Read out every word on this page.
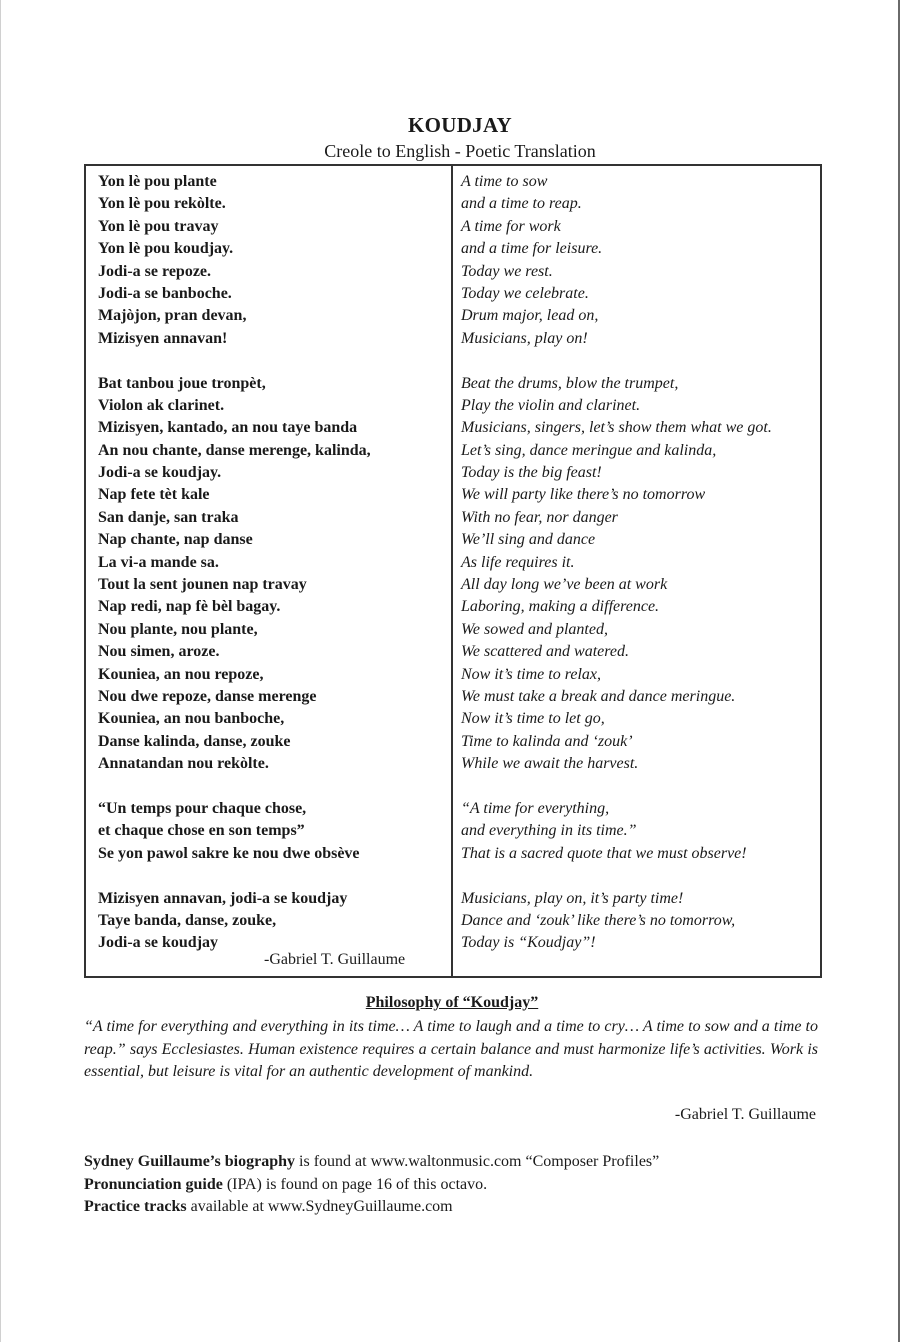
KOUDJAY
Creole to English - Poetic Translation
Yon lè pou plante
Yon lè pou rekòlte.
Yon lè pou travay
Yon lè pou koudjay.
Jodi-a se repoze.
Jodi-a se banboche.
Majòjon, pran devan,
Mizisyen annavan!
Bat tanbou joue tronpèt,
Violon ak clarinet.
Mizisyen, kantado, an nou taye banda
An nou chante, danse merenge, kalinda,
Jodi-a se koudjay.
Nap fete tèt kale
San danje, san traka
Nap chante, nap danse
La vi-a mande sa.
Tout la sent jounen nap travay
Nap redi, nap fè bèl bagay.
Nou plante, nou plante,
Nou simen, aroze.
Kouniea, an nou repoze,
Nou dwe repoze, danse merenge
Kouniea, an nou banboche,
Danse kalinda, danse, zouke
Annatandan nou rekòlte.
“Un temps pour chaque chose,
et chaque chose en son temps”
Se yon pawol sakre ke nou dwe obsève
Mizisyen annavan, jodi-a se koudjay
Taye banda, danse, zouke,
Jodi-a se koudjay
A time to sow
and a time to reap.
A time for work
and a time for leisure.
Today we rest.
Today we celebrate.
Drum major, lead on,
Musicians, play on!
Beat the drums, blow the trumpet,
Play the violin and clarinet.
Musicians, singers, let’s show them what we got.
Let’s sing, dance meringue and kalinda,
Today is the big feast!
We will party like there’s no tomorrow
With no fear, nor danger
We’ll sing and dance
As life requires it.
All day long we’ve been at work
Laboring, making a difference.
We sowed and planted,
We scattered and watered.
Now it’s time to relax,
We must take a break and dance meringue.
Now it’s time to let go,
Time to kalinda and ‘zouk’
While we await the harvest.
“A time for everything,
and everything in its time.”
That is a sacred quote that we must observe!
Musicians, play on, it’s party time!
Dance and ‘zouk’ like there’s no tomorrow,
Today is “Koudjay”!
-Gabriel T. Guillaume
Philosophy of “Koudjay”
“A time for everything and everything in its time… A time to laugh and a time to cry… A time to sow and a time to reap.” says Ecclesiastes. Human existence requires a certain balance and must harmonize life’s activities. Work is essential, but leisure is vital for an authentic development of mankind.
-Gabriel T. Guillaume
Sydney Guillaume’s biography is found at www.waltonmusic.com “Composer Profiles”
Pronunciation guide (IPA) is found on page 16 of this octavo.
Practice tracks available at www.SydneyGuillaume.com
